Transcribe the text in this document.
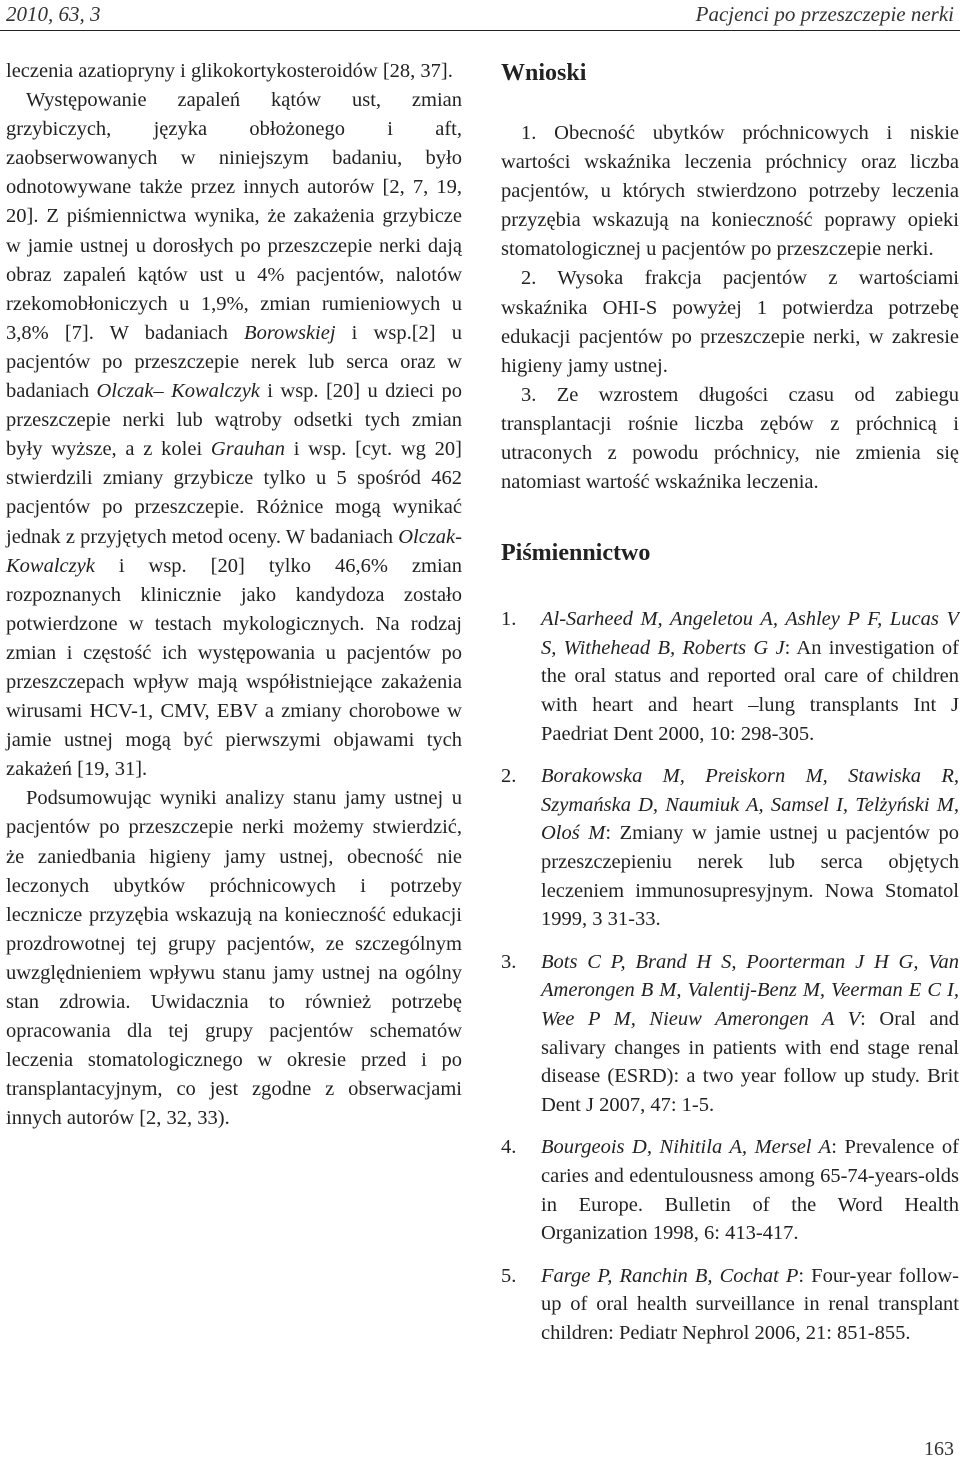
2010, 63, 3	Pacjenci po przeszczepie nerki

leczenia azatiopryny i glikokortykosteroidów [28, 37].

Występowanie zapaleń kątów ust, zmian grzybiczych, języka obłożonego i aft, zaobserwowanych w niniejszym badaniu, było odnotowywane także przez innych autorów [2, 7, 19, 20]. Z piśmiennictwa wynika, że zakażenia grzybicze w jamie ustnej u dorosłych po przeszczepie nerki dają obraz zapaleń kątów ust u 4% pacjentów, nalotów rzekomobłoniczych u 1,9%, zmian rumieniowych u 3,8% [7]. W badaniach Borowskiej i wsp.[2] u pacjentów po przeszczepie nerek lub serca oraz w badaniach Olczak– Kowalczyk i wsp. [20] u dzieci po przeszczepie nerki lub wątroby odsetki tych zmian były wyższe, a z kolei Grauhan i wsp. [cyt. wg 20] stwierdzili zmiany grzybicze tylko u 5 spośród 462 pacjentów po przeszczepie. Różnice mogą wynikać jednak z przyjętych metod oceny. W badaniach Olczak-Kowalczyk i wsp. [20] tylko 46,6% zmian rozpoznanych klinicznie jako kandydoza zostało potwierdzone w testach mykologicznych. Na rodzaj zmian i częstość ich występowania u pacjentów po przeszczepach wpływ mają współistniejące zakażenia wirusami HCV-1, CMV, EBV a zmiany chorobowe w jamie ustnej mogą być pierwszymi objawami tych zakażeń [19, 31].

Podsumowując wyniki analizy stanu jamy ustnej u pacjentów po przeszczepie nerki możemy stwierdzić, że zaniedbania higieny jamy ustnej, obecność nie leczonych ubytków próchnicowych i potrzeby lecznicze przyzębia wskazują na konieczność edukacji prozdrowotnej tej grupy pacjentów, ze szczególnym uwzględnieniem wpływu stanu jamy ustnej na ogólny stan zdrowia. Uwidacznia to również potrzebę opracowania dla tej grupy pacjentów schematów leczenia stomatologicznego w okresie przed i po transplantacyjnym, co jest zgodne z obserwacjami innych autorów [2, 32, 33).

Wnioski

1. Obecność ubytków próchnicowych i niskie wartości wskaźnika leczenia próchnicy oraz liczba pacjentów, u których stwierdzono potrzeby leczenia przyzębia wskazują na konieczność poprawy opieki stomatologicznej u pacjentów po przeszczepie nerki.

2. Wysoka frakcja pacjentów z wartościami wskaźnika OHI-S powyżej 1 potwierdza potrzebę edukacji pacjentów po przeszczepie nerki, w zakresie higieny jamy ustnej.

3. Ze wzrostem długości czasu od zabiegu transplantacji rośnie liczba zębów z próchnicą i utraconych z powodu próchnicy, nie zmienia się natomiast wartość wskaźnika leczenia.

Piśmiennictwo
1. Al-Sarheed M, Angeletou A, Ashley P F, Lucas V S, Withehead B, Roberts G J: An investigation of the oral status and reported oral care of children with heart and heart –lung transplants Int J Paedriat Dent 2000, 10: 298-305.

2. Borakowska M, Preiskorn M, Stawiska R, Szymańska D, Naumiuk A, Samsel I, Telżyński M, Oloś M: Zmiany w jamie ustnej u pacjentów po przeszczepieniu nerek lub serca objętych leczeniem immunosupresyjnym. Nowa Stomatol 1999, 3 31-33.

3. Bots C P, Brand H S, Poorterman J H G, Van Amerongen B M, Valentij-Benz M, Veerman E C I, Wee P M, Nieuw Amerongen A V: Oral and salivary changes in patients with end stage renal disease (ESRD): a two year follow up study. Brit Dent J 2007, 47: 1-5.

4. Bourgeois D, Nihitila A, Mersel A: Prevalence of caries and edentulousness among 65-74-years-olds in Europe. Bulletin of the Word Health Organization 1998, 6: 413-417.

5. Farge P, Ranchin B, Cochat P: Four-year follow-up of oral health surveillance in renal transplant children: Pediatr Nephrol 2006, 21: 851-855.

163
